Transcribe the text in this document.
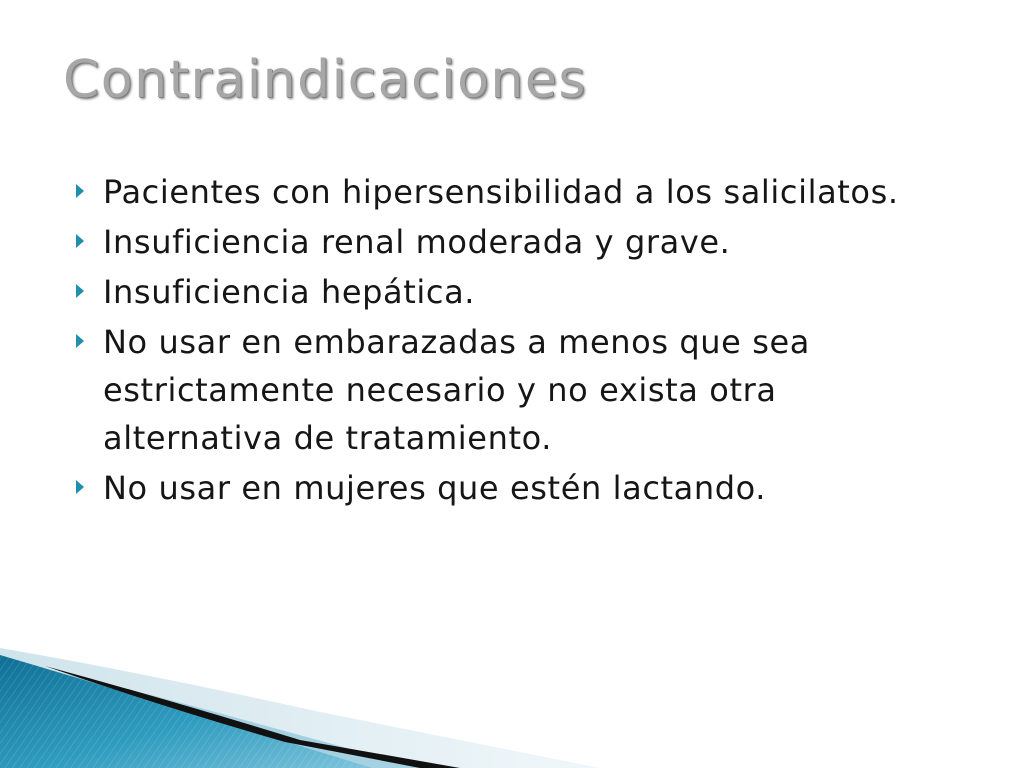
Contraindicaciones
Pacientes con hipersensibilidad a los salicilatos.
Insuficiencia renal moderada y grave.
Insuficiencia hepática.
No usar en embarazadas a menos que sea estrictamente necesario y no exista otra alternativa de tratamiento.
No usar en mujeres que estén lactando.
